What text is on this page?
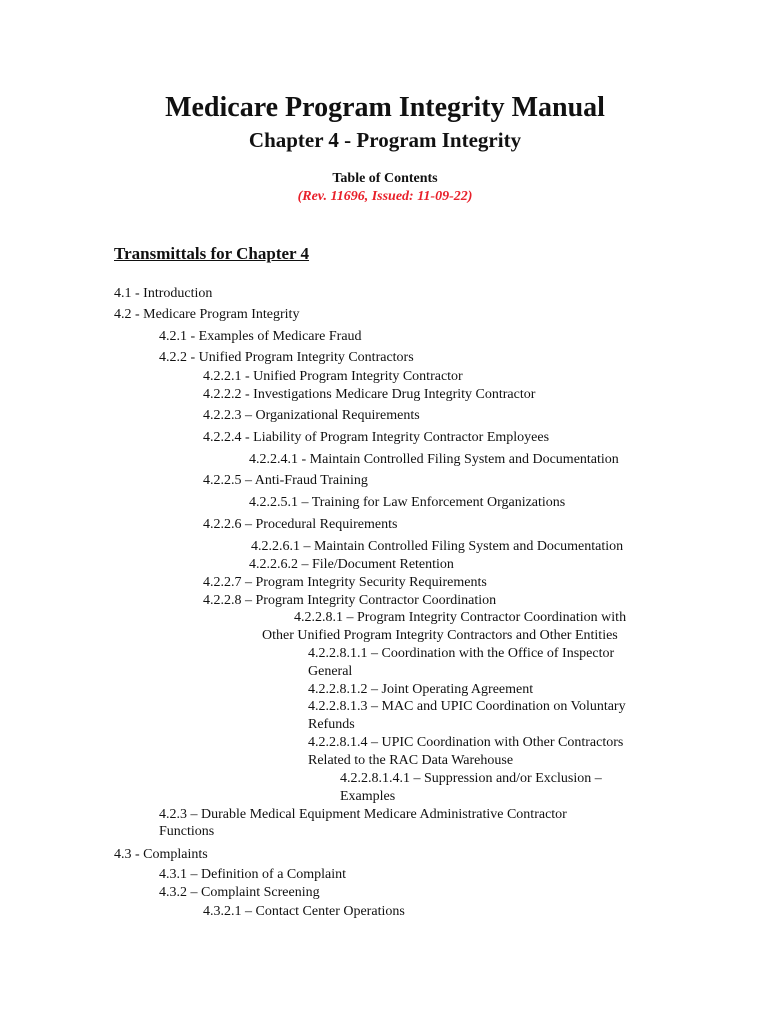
Medicare Program Integrity Manual
Chapter 4 - Program Integrity
Table of Contents
(Rev. 11696, Issued: 11-09-22)
Transmittals for Chapter 4
4.1 - Introduction
4.2 - Medicare Program Integrity
4.2.1 - Examples of Medicare Fraud
4.2.2 - Unified Program Integrity Contractors
4.2.2.1 - Unified Program Integrity Contractor
4.2.2.2 - Investigations Medicare Drug Integrity Contractor
4.2.2.3 – Organizational Requirements
4.2.2.4 - Liability of Program Integrity Contractor Employees
4.2.2.4.1 - Maintain Controlled Filing System and Documentation
4.2.2.5 – Anti-Fraud Training
4.2.2.5.1 – Training for Law Enforcement Organizations
4.2.2.6 – Procedural Requirements
4.2.2.6.1 – Maintain Controlled Filing System and Documentation
4.2.2.6.2 – File/Document Retention
4.2.2.7 – Program Integrity Security Requirements
4.2.2.8 – Program Integrity Contractor Coordination
4.2.2.8.1 – Program Integrity Contractor Coordination with
Other Unified Program Integrity Contractors and Other Entities
4.2.2.8.1.1 – Coordination with the Office of Inspector
General
4.2.2.8.1.2 – Joint Operating Agreement
4.2.2.8.1.3 – MAC and UPIC Coordination on Voluntary
Refunds
4.2.2.8.1.4 – UPIC Coordination with Other Contractors
Related to the RAC Data Warehouse
4.2.2.8.1.4.1 – Suppression and/or Exclusion –
Examples
4.2.3 – Durable Medical Equipment Medicare Administrative Contractor
Functions
4.3 - Complaints
4.3.1 – Definition of a Complaint
4.3.2 – Complaint Screening
4.3.2.1 – Contact Center Operations
